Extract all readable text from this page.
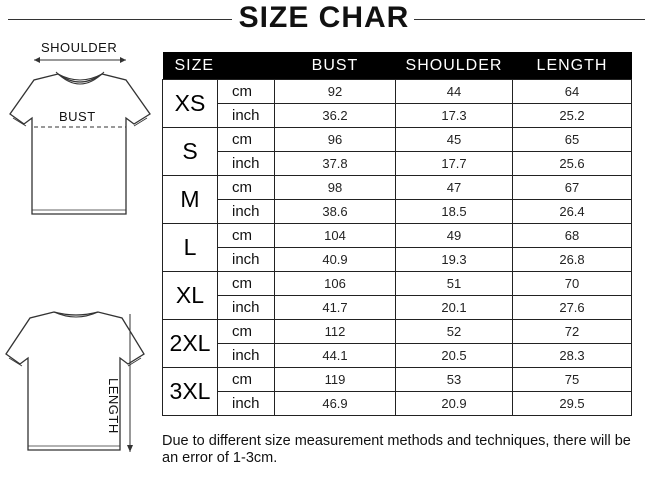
SIZE CHAR
SHOULDER
BUST
LENGTH
SIZE		BUST	SHOULDER	LENGTH
XS	cm	92	44	64
	inch	36.2	17.3	25.2
S	cm	96	45	65
	inch	37.8	17.7	25.6
M	cm	98	47	67
	inch	38.6	18.5	26.4
L	cm	104	49	68
	inch	40.9	19.3	26.8
XL	cm	106	51	70
	inch	41.7	20.1	27.6
2XL	cm	112	52	72
	inch	44.1	20.5	28.3
3XL	cm	119	53	75
	inch	46.9	20.9	29.5
Due to different size measurement methods and techniques, there will be an error of 1-3cm.
